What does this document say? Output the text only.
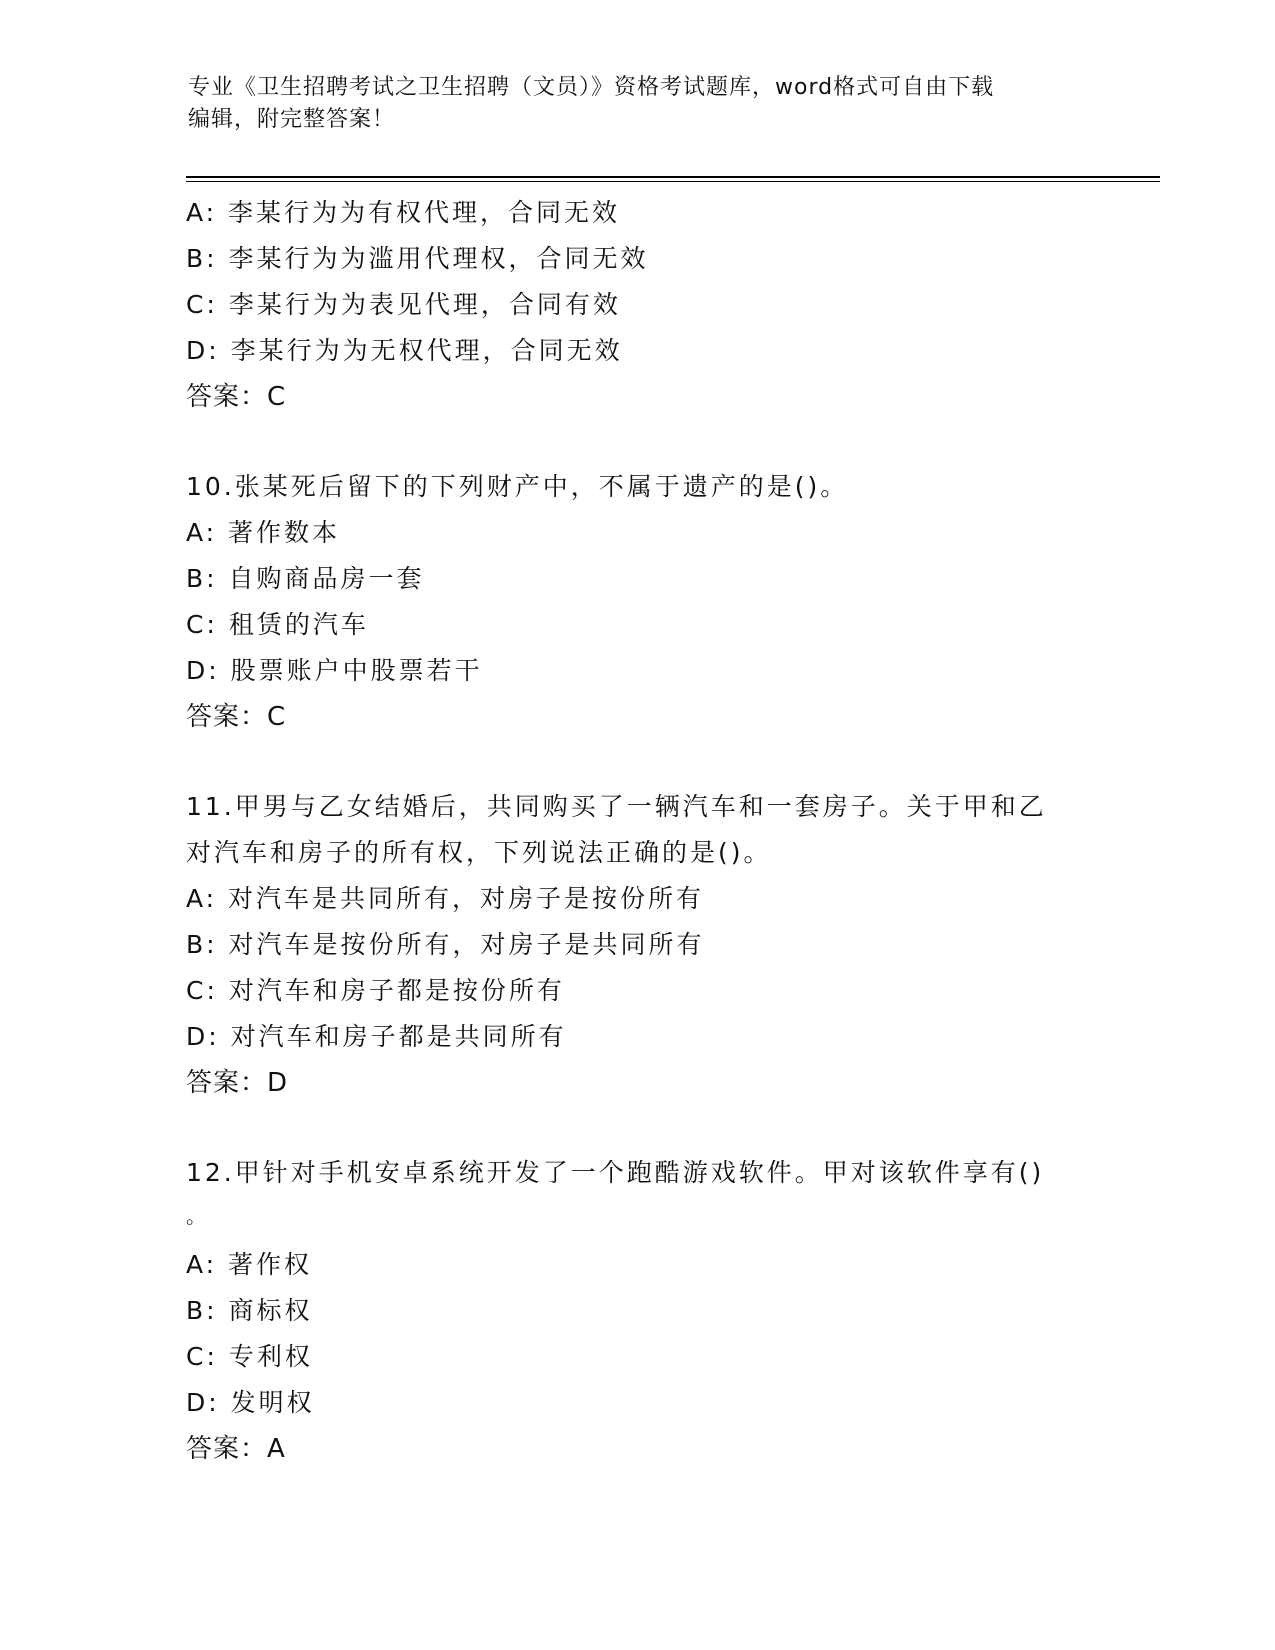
专业《卫生招聘考试之卫生招聘（文员）》资格考试题库，word格式可自由下载
编辑，附完整答案！
A: 李某行为为有权代理，合同无效
B: 李某行为为滥用代理权，合同无效
C: 李某行为为表见代理，合同有效
D: 李某行为为无权代理，合同无效
答案：C
10.张某死后留下的下列财产中，不属于遗产的是()。
A: 著作数本
B: 自购商品房一套
C: 租赁的汽车
D: 股票账户中股票若干
答案：C
11.甲男与乙女结婚后，共同购买了一辆汽车和一套房子。关于甲和乙
对汽车和房子的所有权，下列说法正确的是()。
A: 对汽车是共同所有，对房子是按份所有
B: 对汽车是按份所有，对房子是共同所有
C: 对汽车和房子都是按份所有
D: 对汽车和房子都是共同所有
答案：D
12.甲针对手机安卓系统开发了一个跑酷游戏软件。甲对该软件享有()
。
A: 著作权
B: 商标权
C: 专利权
D: 发明权
答案：A
